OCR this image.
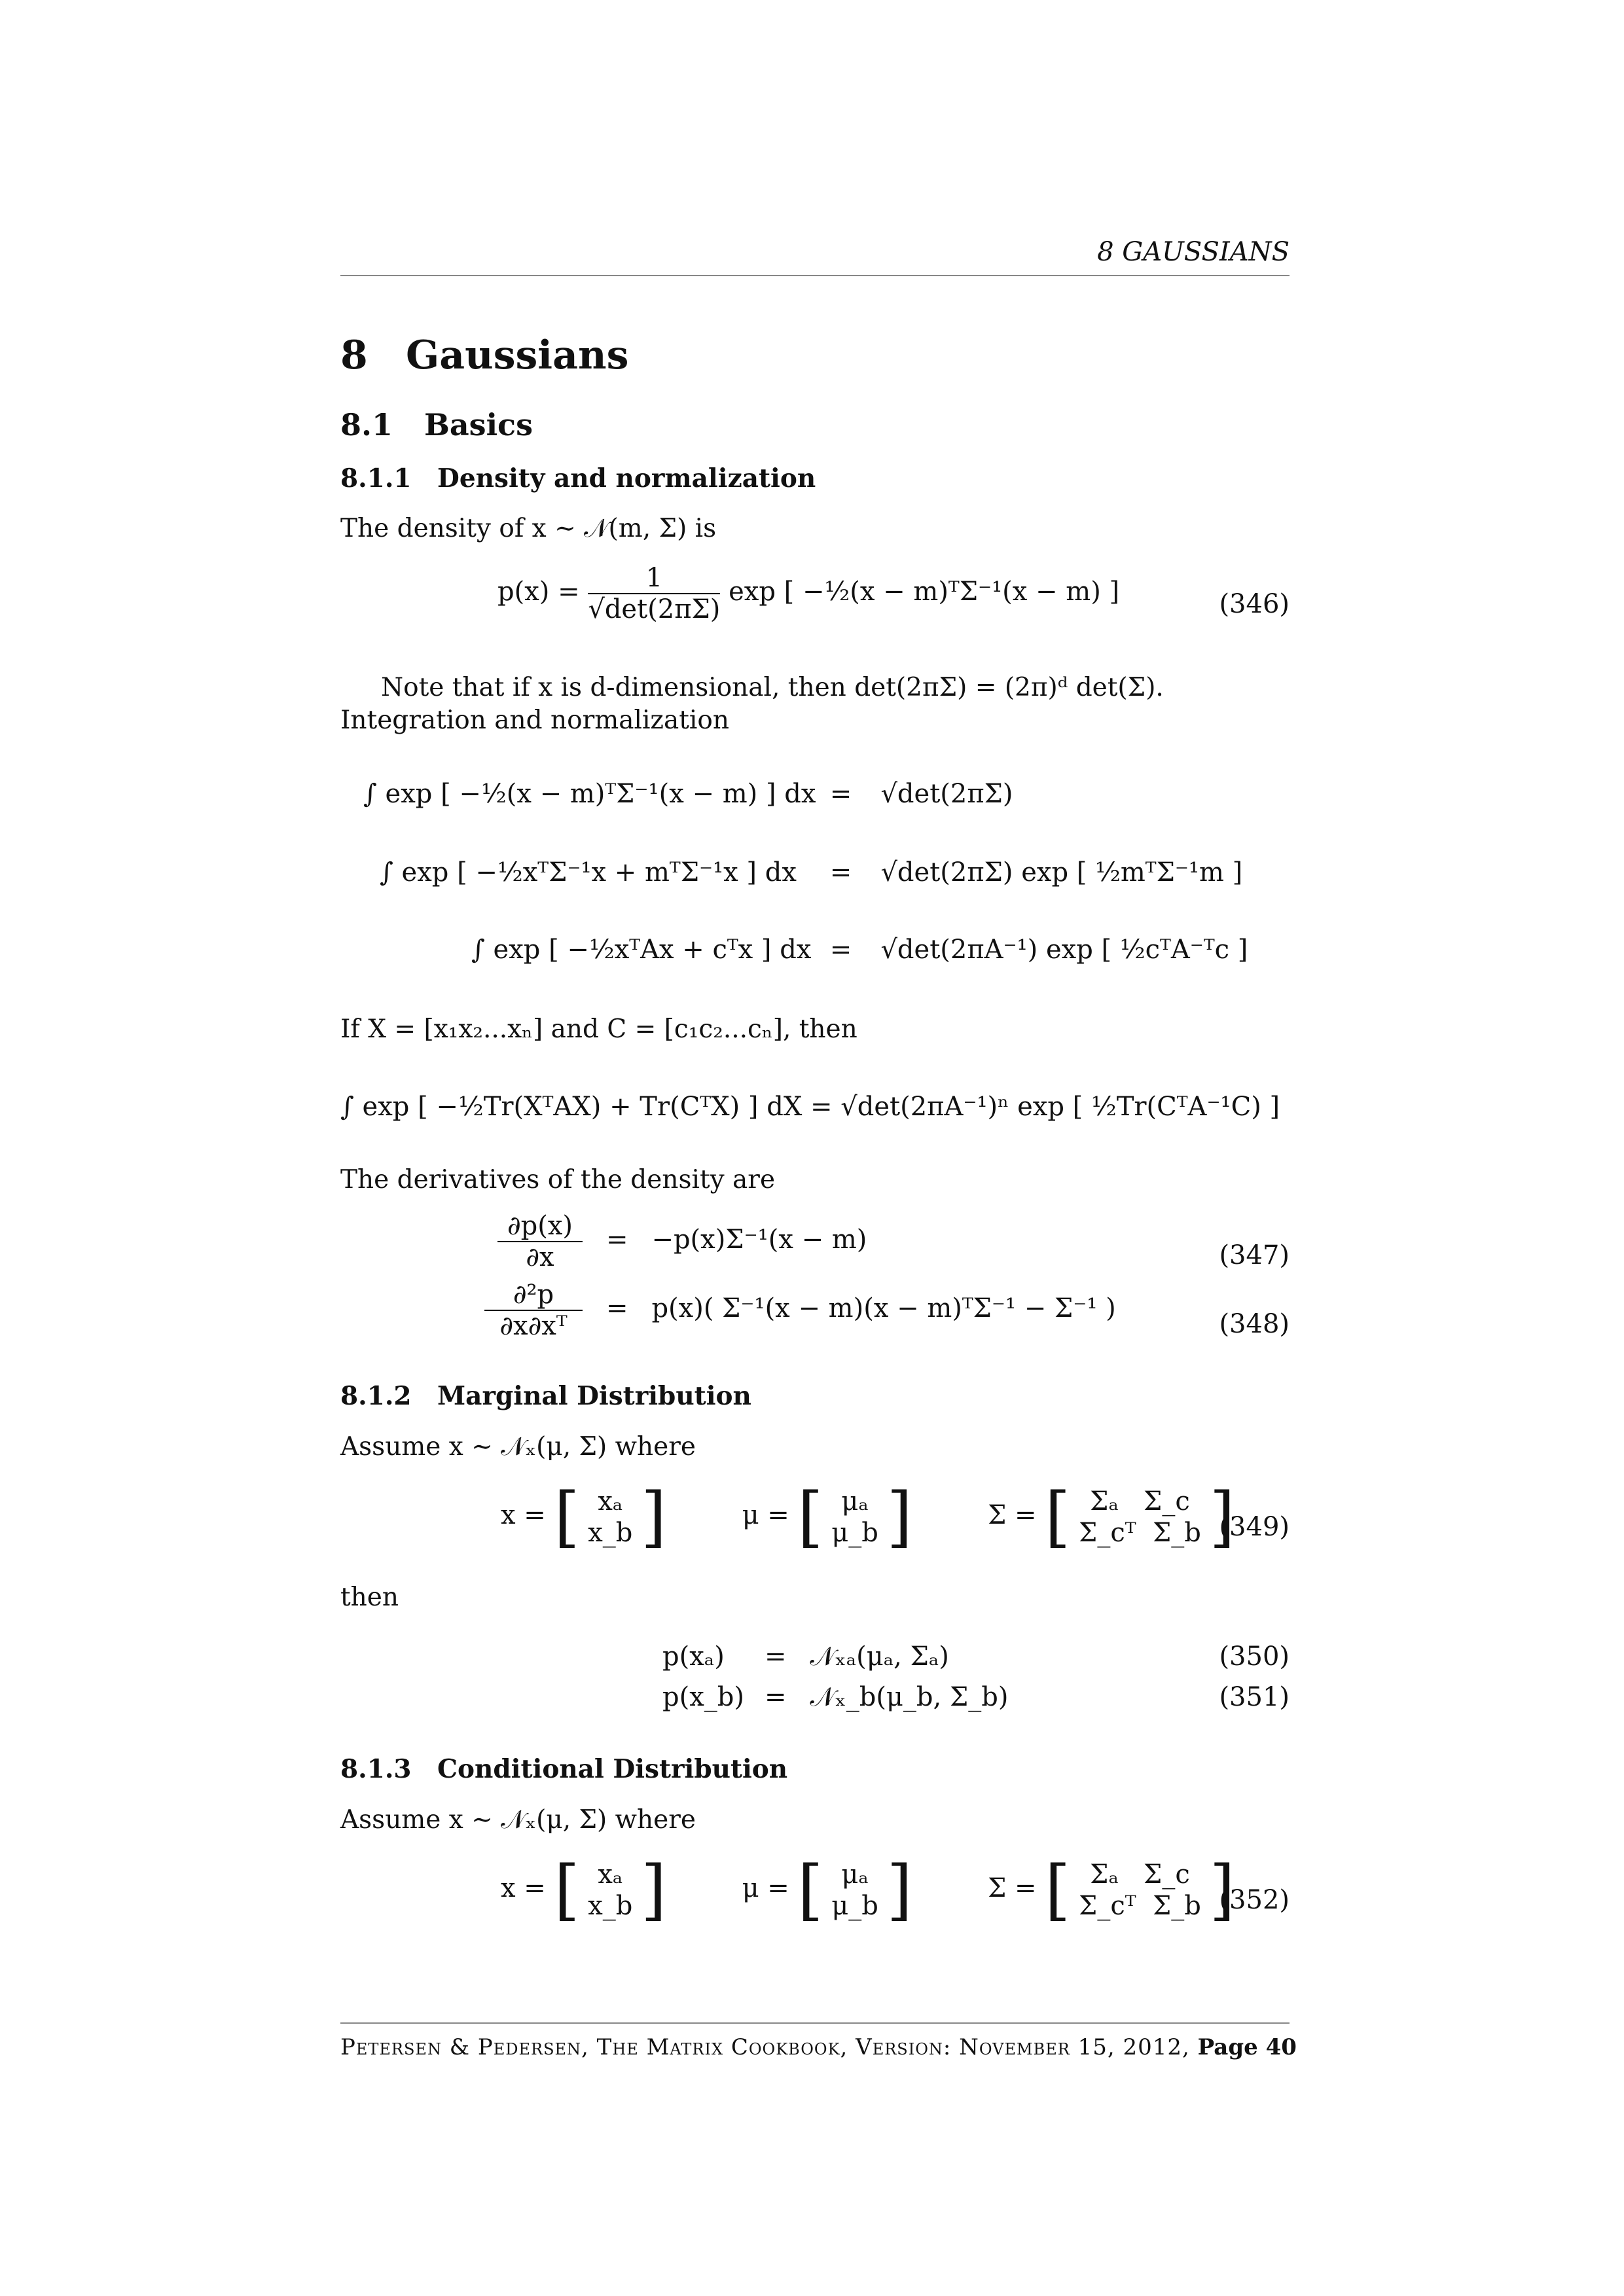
8 GAUSSIANS
8 Gaussians
8.1 Basics
8.1.1 Density and normalization
The density of x ∼ 𝒩(m, Σ) is
$p(x) = \frac{1}{√\det(2\pi\Sigma)}$ exp [ −½(x − m)ᵀΣ⁻¹(x − m) ]	(346)
Note that if x is d-dimensional, then det(2πΣ) = (2π)ᵈ det(Σ).
Integration and normalization
∫ exp [ −½(x − m)ᵀΣ⁻¹(x − m) ] dx = √det(2πΣ)
∫ exp [ −½xᵀΣ⁻¹x + mᵀΣ⁻¹x ] dx = √det(2πΣ) exp [ ½mᵀΣ⁻¹m ]
∫ exp [ −½xᵀAx + cᵀx ] dx = √det(2πA⁻¹) exp [ ½cᵀA⁻ᵀc ]
If X = [x₁x₂...xₙ] and C = [c₁c₂...cₙ], then
∫ exp [ −½Tr(XᵀAX) + Tr(CᵀX) ] dX = √det(2πA⁻¹)ⁿ exp [ ½Tr(CᵀA⁻¹C) ]
The derivatives of the density are
$\frac{\partial p(x)}{\partial x} = -p(x)\Sigma^{-1}(x - m)$
(347)
$\frac{\text{∂²p}}{\text{∂x∂xᵀ}} = p(x)$( Σ⁻¹(x − m)(x − m)ᵀΣ⁻¹ − Σ⁻¹ )
(348)
8.1.2 Marginal Distribution
Assume x ∼ 𝒩ₓ(μ, Σ) where
x = [ xₐ
x_b ]	μ = [ μₐ
μ_b ]	Σ = [ Σₐ Σ_c
Σ_cᵀ Σ_b ]
(349)
then
p(xₐ) = 𝒩ₓₐ(μₐ, Σₐ)	(350)
p(x_b) = 𝒩ₓ_b(μ_b, Σ_b)	(351)
8.1.3 Conditional Distribution
Assume x ∼ 𝒩ₓ(μ, Σ) where
x = [ xₐ
x_b ]	μ = [ μₐ
μ_b ]	Σ = [ Σₐ Σ_c
Σ_cᵀ Σ_b ]
(352)
Petersen & Pedersen, The Matrix Cookbook, Version: November 15, 2012, Page 40
